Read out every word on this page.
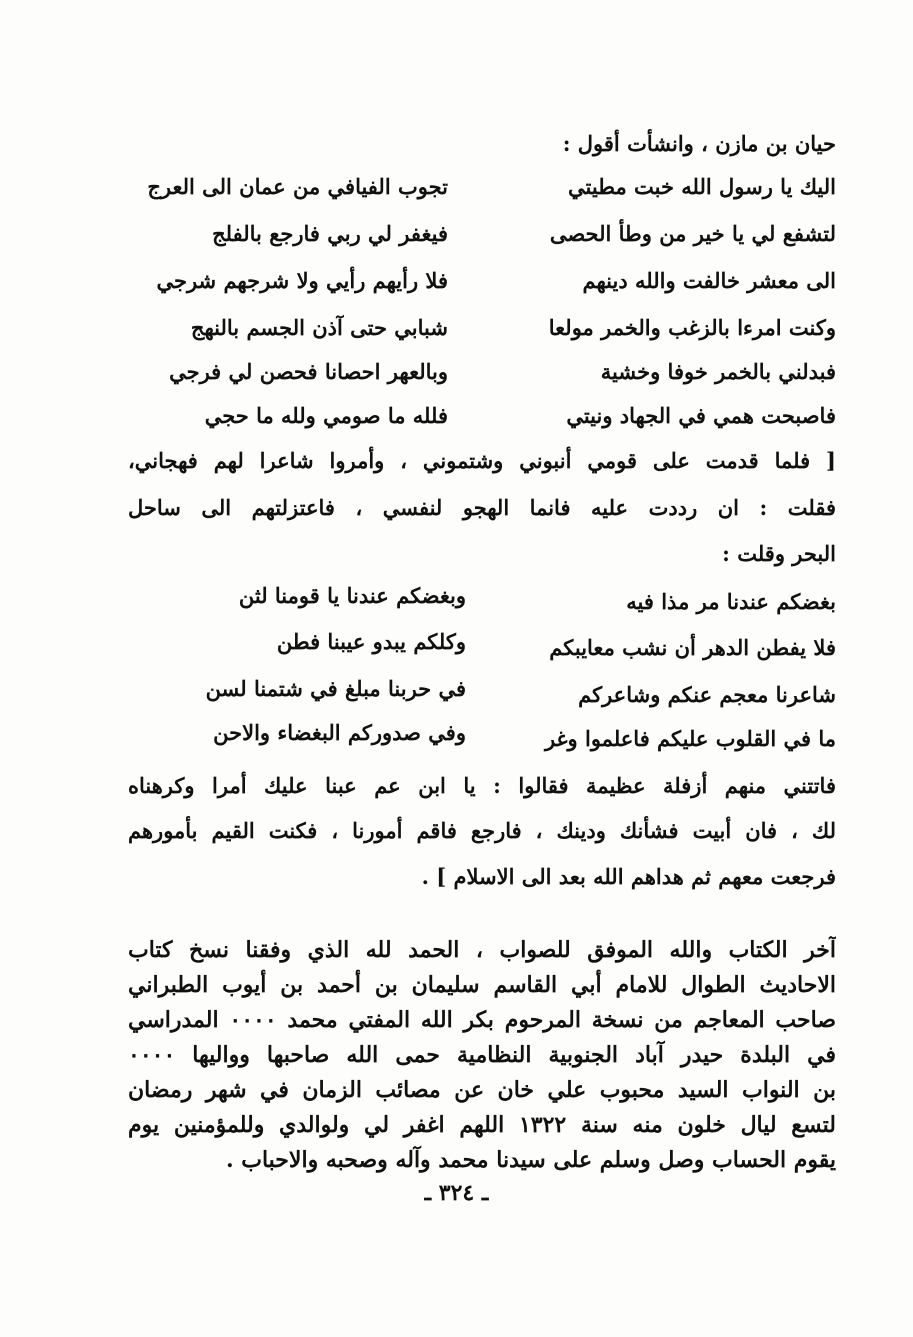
حيان بن مازن ، وانشأت أقول :
اليك يا رسول الله خبت مطيتي
تجوب الفيافي من عمان الى العرج
لتشفع لي يا خير من وطأ الحصى
فيغفر لي ربي فارجع بالفلج
الى معشر خالفت والله دينهم
فلا رأيهم رأيي ولا شرجهم شرجي
وكنت امرءا بالزغب والخمر مولعا
شبابي حتى آذن الجسم بالنهج
فبدلني بالخمر خوفا وخشية
وبالعهر احصانا فحصن لي فرجي
فاصبحت همي في الجهاد ونيتي
فلله ما صومي ولله ما حجي
[ فلما قدمت على قومي أنبوني وشتموني ، وأمروا شاعرا لهم فهجاني،
فقلت : ان رددت عليه فانما الهجو لنفسي ، فاعتزلتهم الى ساحل
البحر وقلت :
بغضكم عندنا مر مذا فيه
وبغضكم عندنا يا قومنا لثن
فلا يفطن الدهر أن نشب معايبكم
وكلكم يبدو عيبنا فطن
شاعرنا معجم عنكم وشاعركم
في حربنا مبلغ في شتمنا لسن
ما في القلوب عليكم فاعلموا وغر
وفي صدوركم البغضاء والاحن
فاتتني منهم أزفلة عظيمة فقالوا : يا ابن عم عبنا عليك أمرا وكرهناه
لك ، فان أبيت فشأنك ودينك ، فارجع فاقم أمورنا ، فكنت القيم بأمورهم
فرجعت معهم ثم هداهم الله بعد الى الاسلام ] .
آخر الكتاب والله الموفق للصواب ، الحمد لله الذي وفقنا نسخ كتاب
الاحاديث الطوال للامام أبي القاسم سليمان بن أحمد بن أيوب الطبراني
صاحب المعاجم من نسخة المرحوم بكر الله المفتي محمد ٠٠٠٠ المدراسي
في البلدة حيدر آباد الجنوبية النظامية حمى الله صاحبها وواليها ٠٠٠٠
بن النواب السيد محبوب علي خان عن مصائب الزمان في شهر رمضان
لتسع ليال خلون منه سنة ١٣٢٢ اللهم اغفر لي ولوالدي وللمؤمنين يوم
يقوم الحساب وصل وسلم على سيدنا محمد وآله وصحبه والاحباب .
ـ ٣٢٤ ـ
